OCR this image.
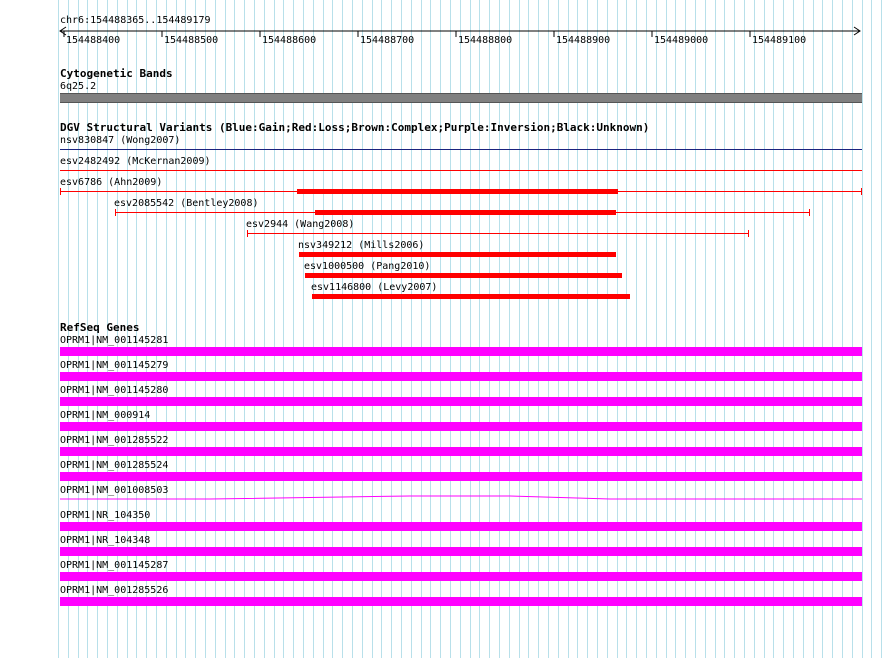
chr6:154488365..154489179
154488400	154488500	154488600	154488700	154488800	154488900	154489000	154489100
Cytogenetic Bands
6q25.2
DGV Structural Variants (Blue:Gain;Red:Loss;Brown:Complex;Purple:Inversion;Black:Unknown)
nsv830847 (Wong2007)
esv2482492 (McKernan2009)
esv6786 (Ahn2009)
esv2085542 (Bentley2008)
esv2944 (Wang2008)
nsv349212 (Mills2006)
esv1000500 (Pang2010)
esv1146800 (Levy2007)
RefSeq Genes
OPRM1|NM_001145281
OPRM1|NM_001145279
OPRM1|NM_001145280
OPRM1|NM_000914
OPRM1|NM_001285522
OPRM1|NM_001285524
OPRM1|NM_001008503
OPRM1|NR_104350
OPRM1|NR_104348
OPRM1|NM_001145287
OPRM1|NM_001285526
